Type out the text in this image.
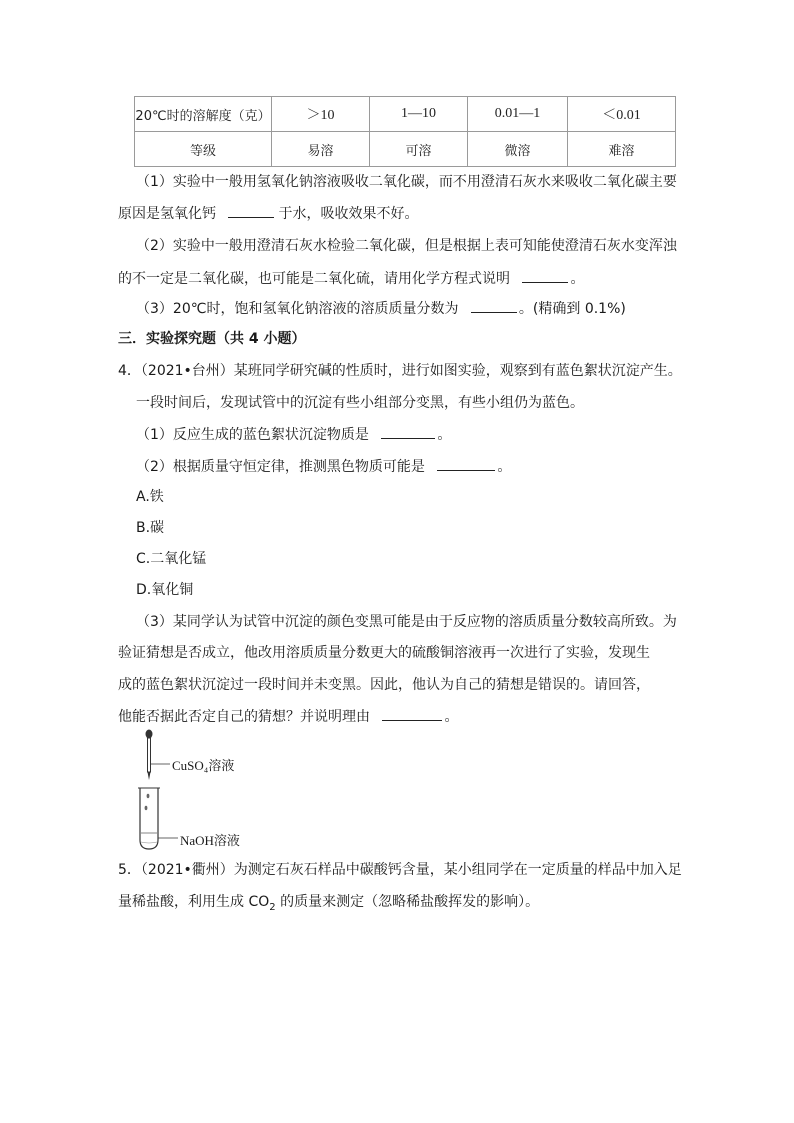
20℃时的溶解度（克）	＞10	1—10	0.01—1	＜0.01
等级	易溶	可溶	微溶	难溶
（1）实验中一般用氢氧化钠溶液吸收二氧化碳，而不用澄清石灰水来吸收二氧化碳主要
原因是氢氧化钙	于水，吸收效果不好。
（2）实验中一般用澄清石灰水检验二氧化碳，但是根据上表可知能使澄清石灰水变浑浊
的不一定是二氧化碳，也可能是二氧化硫，请用化学方程式说明	。
（3）20℃时，饱和氢氧化钠溶液的溶质质量分数为	。(精确到 0.1%)
三．实验探究题（共 4 小题）
4．（2021•台州）某班同学研究碱的性质时，进行如图实验，观察到有蓝色絮状沉淀产生。
一段时间后，发现试管中的沉淀有些小组部分变黑，有些小组仍为蓝色。
（1）反应生成的蓝色絮状沉淀物质是	。
（2）根据质量守恒定律，推测黑色物质可能是	。
A.铁
B.碳
C.二氧化锰
D.氧化铜
（3）某同学认为试管中沉淀的颜色变黑可能是由于反应物的溶质质量分数较高所致。为
验证猜想是否成立，他改用溶质质量分数更大的硫酸铜溶液再一次进行了实验，发现生
成的蓝色絮状沉淀过一段时间并未变黑。因此，他认为自己的猜想是错误的。请回答，
他能否据此否定自己的猜想？并说明理由	。
CuSO₄溶液
NaOH溶液
5．（2021•衢州）为测定石灰石样品中碳酸钙含量，某小组同学在一定质量的样品中加入足
量稀盐酸，利用生成 $CO_2$ 的质量来测定（忽略稀盐酸挥发的影响）。
